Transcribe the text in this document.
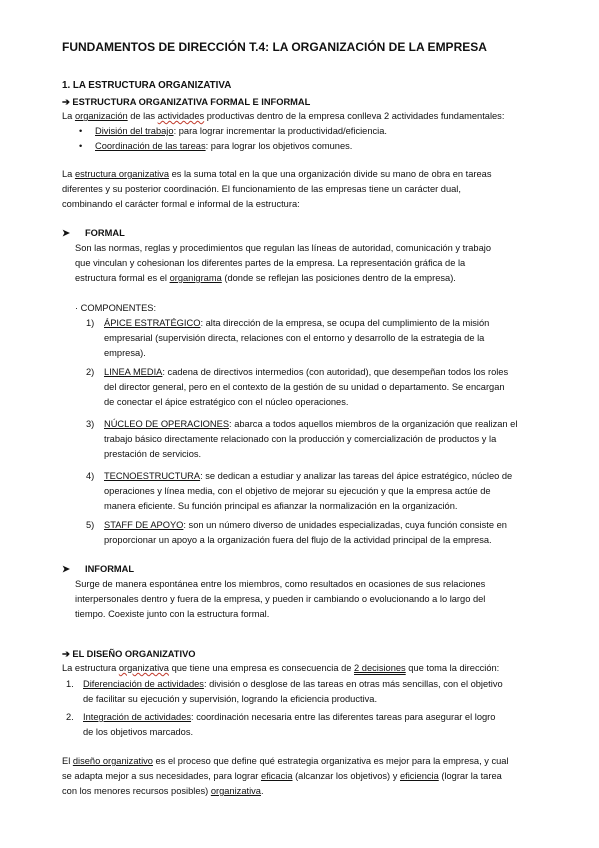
FUNDAMENTOS DE DIRECCIÓN T.4: LA ORGANIZACIÓN DE LA EMPRESA
1. LA ESTRUCTURA ORGANIZATIVA
➔ ESTRUCTURA ORGANIZATIVA FORMAL E INFORMAL
La organización de las actividades productivas dentro de la empresa conlleva 2 actividades fundamentales:
• División del trabajo: para lograr incrementar la productividad/eficiencia.
• Coordinación de las tareas: para lograr los objetivos comunes.
La estructura organizativa es la suma total en la que una organización divide su mano de obra en tareas
diferentes y su posterior coordinación. El funcionamiento de las empresas tiene un carácter dual,
combinando el carácter formal e informal de la estructura:
➤ FORMAL
Son las normas, reglas y procedimientos que regulan las líneas de autoridad, comunicación y trabajo
que vinculan y cohesionan los diferentes partes de la empresa. La representación gráfica de la
estructura formal es el organigrama (donde se reflejan las posiciones dentro de la empresa).
· COMPONENTES:
1) ÁPICE ESTRATÉGICO: alta dirección de la empresa, se ocupa del cumplimiento de la misión
empresarial (supervisión directa, relaciones con el entorno y desarrollo de la estrategia de la
empresa).
2) LINEA MEDIA: cadena de directivos intermedios (con autoridad), que desempeñan todos los roles
del director general, pero en el contexto de la gestión de su unidad o departamento. Se encargan
de conectar el ápice estratégico con el núcleo operaciones.
3) NÚCLEO DE OPERACIONES: abarca a todos aquellos miembros de la organización que realizan el
trabajo básico directamente relacionado con la producción y comercialización de productos y la
prestación de servicios.
4) TECNOESTRUCTURA: se dedican a estudiar y analizar las tareas del ápice estratégico, núcleo de
operaciones y línea media, con el objetivo de mejorar su ejecución y que la empresa actúe de
manera eficiente. Su función principal es afianzar la normalización en la organización.
5) STAFF DE APOYO: son un número diverso de unidades especializadas, cuya función consiste en
proporcionar un apoyo a la organización fuera del flujo de la actividad principal de la empresa.
➤ INFORMAL
Surge de manera espontánea entre los miembros, como resultados en ocasiones de sus relaciones
interpersonales dentro y fuera de la empresa, y pueden ir cambiando o evolucionando a lo largo del
tiempo. Coexiste junto con la estructura formal.
➔ EL DISEÑO ORGANIZATIVO
La estructura organizativa que tiene una empresa es consecuencia de 2 decisiones que toma la dirección:
1. Diferenciación de actividades: división o desglose de las tareas en otras más sencillas, con el objetivo
de facilitar su ejecución y supervisión, logrando la eficiencia productiva.
2. Integración de actividades: coordinación necesaria entre las diferentes tareas para asegurar el logro
de los objetivos marcados.
El diseño organizativo es el proceso que define qué estrategia organizativa es mejor para la empresa, y cual
se adapta mejor a sus necesidades, para lograr eficacia (alcanzar los objetivos) y eficiencia (lograr la tarea
con los menores recursos posibles) organizativa.
